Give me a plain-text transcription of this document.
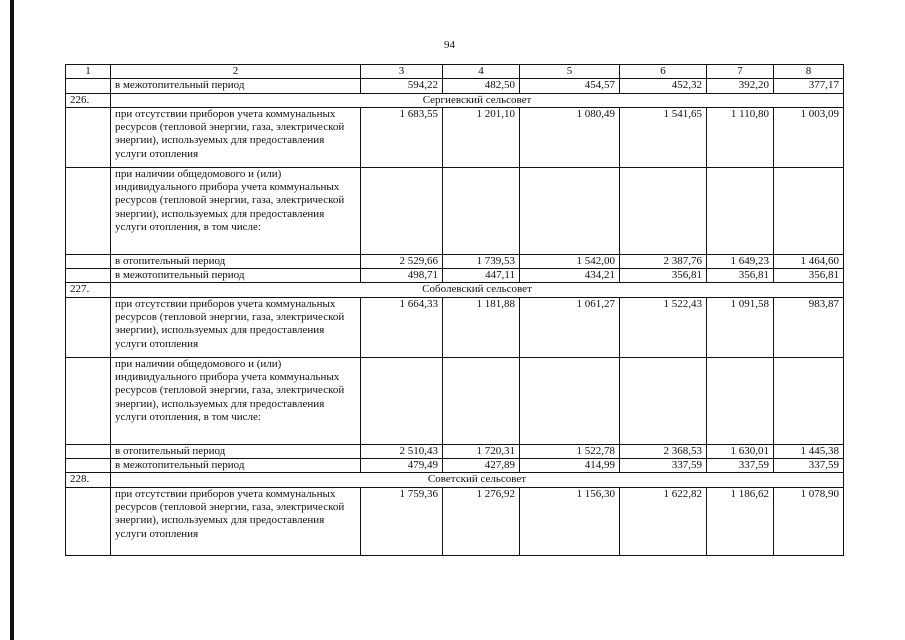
94
1	2	3	4	5	6	7	8
	в межотопительный период	594,22	482,50	454,57	452,32	392,20	377,17
226.	Сергиевский сельсовет						
	при отсутствии приборов учета коммунальных ресурсов (тепловой энергии, газа, электрической энергии), используемых для предоставления услуги отопления	1 683,55	1 201,10	1 080,49	1 541,65	1 110,80	1 003,09
	при наличии общедомового и (или) индивидуального прибора учета коммунальных ресурсов (тепловой энергии, газа, электрической энергии), используемых для предоставления услуги отопления, в том числе:						
	в отопительный период	2 529,66	1 739,53	1 542,00	2 387,76	1 649,23	1 464,60
	в межотопительный период	498,71	447,11	434,21	356,81	356,81	356,81
227.	Соболевский сельсовет						
	при отсутствии приборов учета коммунальных ресурсов (тепловой энергии, газа, электрической энергии), используемых для предоставления услуги отопления	1 664,33	1 181,88	1 061,27	1 522,43	1 091,58	983,87
	при наличии общедомового и (или) индивидуального прибора учета коммунальных ресурсов (тепловой энергии, газа, электрической энергии), используемых для предоставления услуги отопления, в том числе:						
	в отопительный период	2 510,43	1 720,31	1 522,78	2 368,53	1 630,01	1 445,38
	в межотопительный период	479,49	427,89	414,99	337,59	337,59	337,59
228.	Советский сельсовет						
	при отсутствии приборов учета коммунальных ресурсов (тепловой энергии, газа, электрической энергии), используемых для предоставления услуги отопления	1 759,36	1 276,92	1 156,30	1 622,82	1 186,62	1 078,90
